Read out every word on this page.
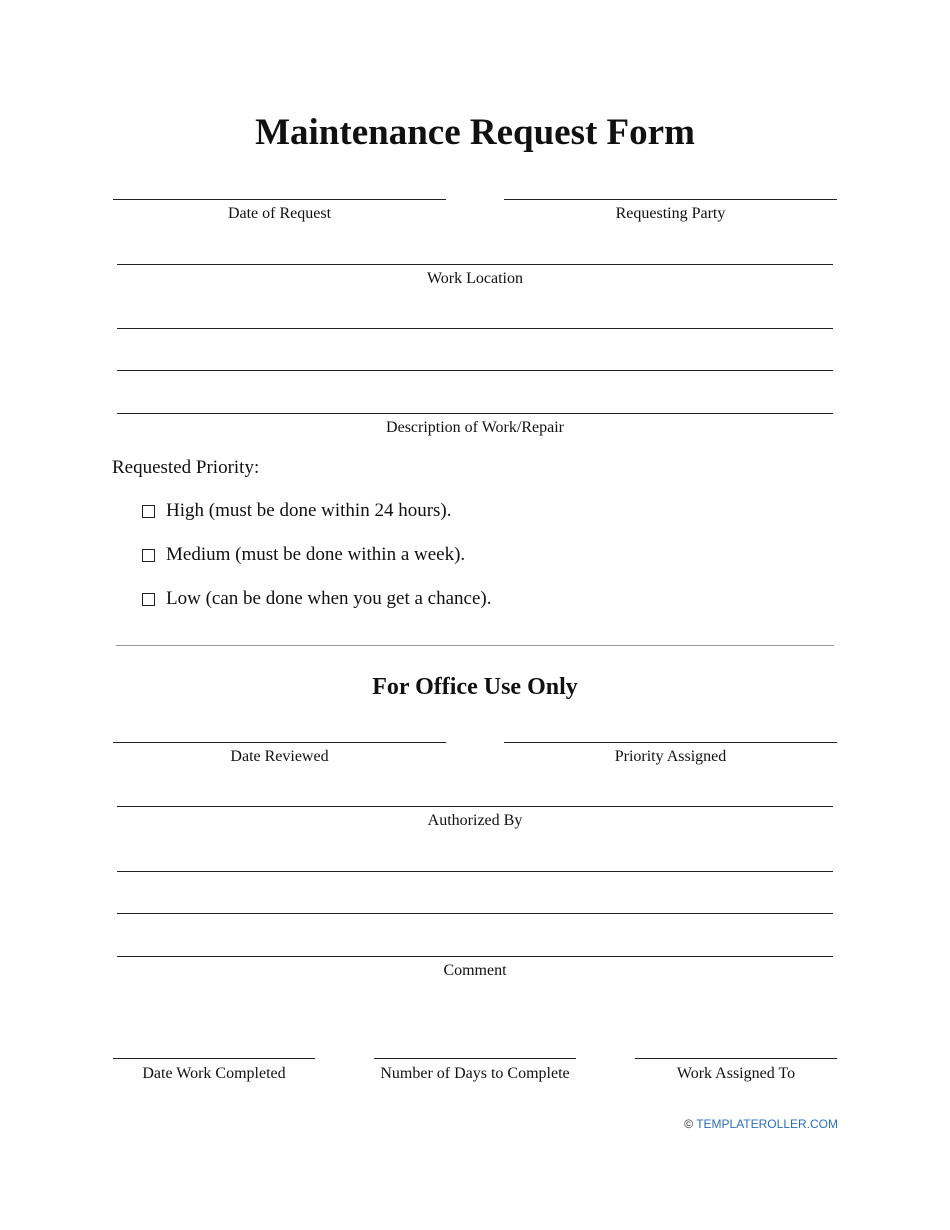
Maintenance Request Form
Date of Request	Requesting Party
Work Location
Description of Work/Repair
Requested Priority:
High (must be done within 24 hours).
Medium (must be done within a week).
Low (can be done when you get a chance).
For Office Use Only
Date Reviewed	Priority Assigned
Authorized By
Comment
Date Work Completed	Number of Days to Complete	Work Assigned To
© TEMPLATEROLLER.COM
